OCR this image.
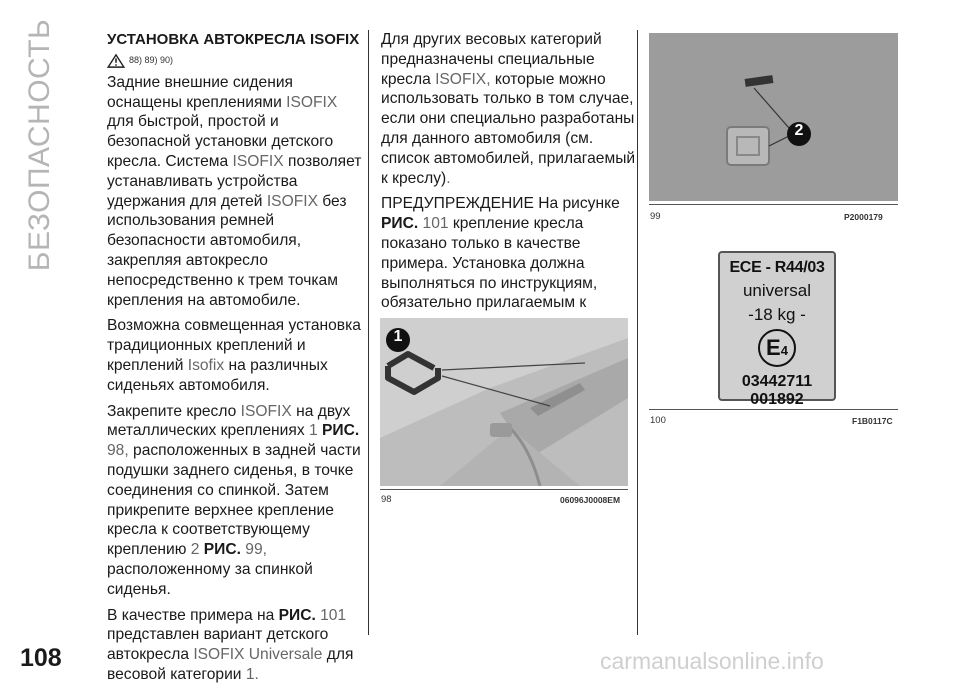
БЕЗОПАСНОСТЬ
108
УСТАНОВКА АВТОКРЕСЛА ISOFIX
88) 89) 90)

Задние внешние сидения оснащены креплениями ISOFIX для быстрой, простой и безопасной установки детского кресла. Система ISOFIX позволяет устанавливать устройства удержания для детей ISOFIX без использования ремней безопасности автомобиля, закрепляя автокресло непосредственно к трем точкам крепления на автомобиле.

Возможна совмещенная установка традиционных креплений и креплений Isofix на различных сиденьях автомобиля.

Закрепите кресло ISOFIX на двух металлических креплениях 1 РИС. 98, расположенных в задней части подушки заднего сиденья, в точке соединения со спинкой. Затем прикрепите верхнее крепление кресла к соответствующему креплению 2 РИС. 99, расположенному за спинкой сиденья.

В качестве примера на РИС. 101 представлен вариант детского автокресла ISOFIX Universale для весовой категории 1.

Для других весовых категорий предназначены специальные кресла ISOFIX, которые можно использовать только в том случае, если они специально разработаны для данного автомобиля (см. список автомобилей, прилагаемый к креслу).

ПРЕДУПРЕЖДЕНИЕ На рисунке РИС. 101 крепление кресла показано только в качестве примера. Установка должна выполняться по инструкциям, обязательно прилагаемым к

1
98	06096J0008EM
2
99	P2000179
ECE - R44/03
universal
-18 kg -
E4
03442711
001892
100	F1B0117C
carmanualsonline.info
